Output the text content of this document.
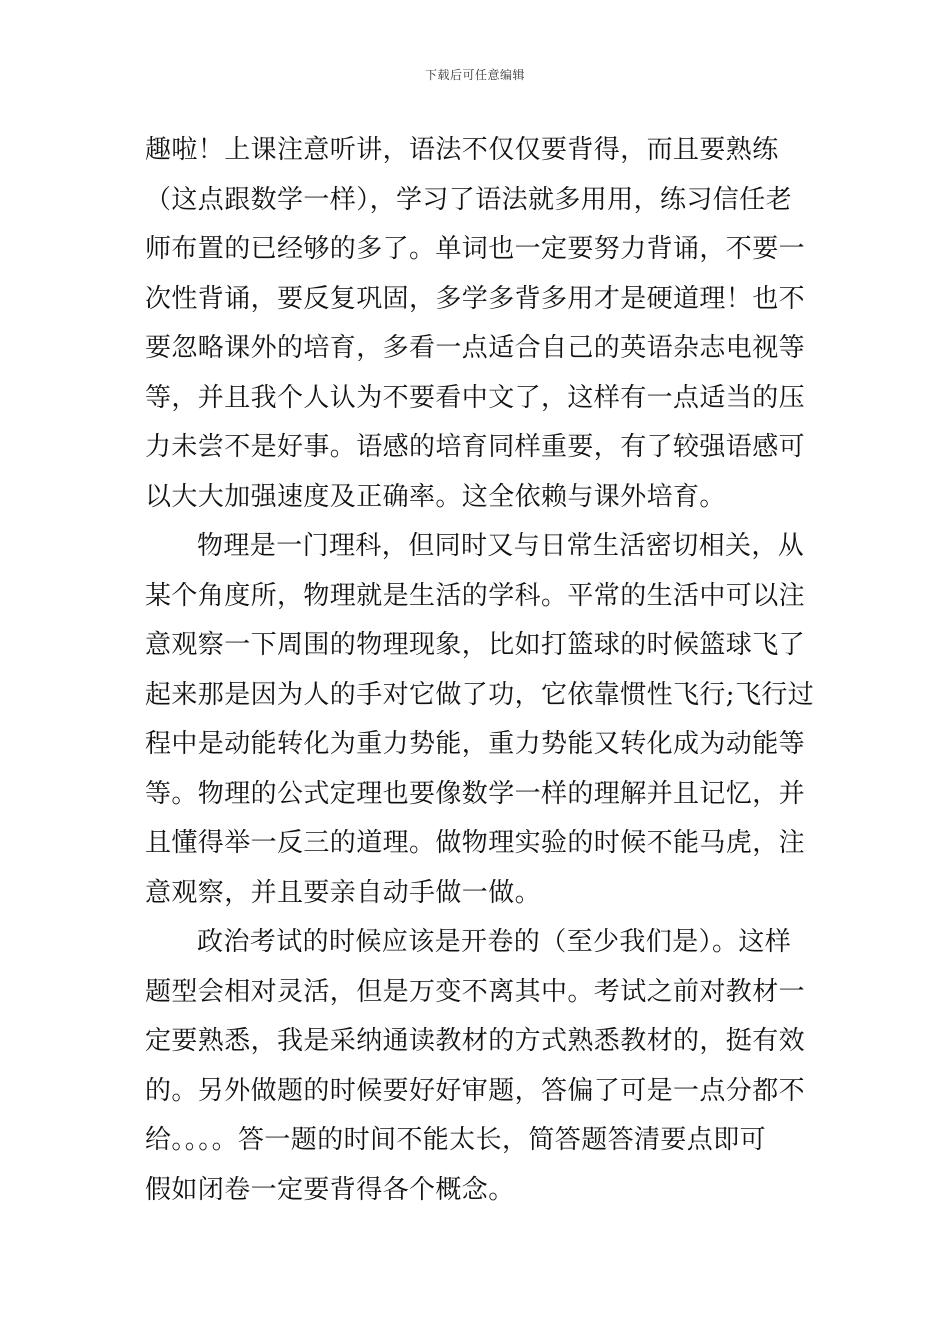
下载后可任意编辑
趣啦！上课注意听讲，语法不仅仅要背得，而且要熟练
（这点跟数学一样），学习了语法就多用用，练习信任老
师布置的已经够的多了。单词也一定要努力背诵，不要一
次性背诵，要反复巩固，多学多背多用才是硬道理！也不
要忽略课外的培育，多看一点适合自己的英语杂志电视等
等，并且我个人认为不要看中文了，这样有一点适当的压
力未尝不是好事。语感的培育同样重要，有了较强语感可
以大大加强速度及正确率。这全依赖与课外培育。
物理是一门理科，但同时又与日常生活密切相关，从
某个角度所，物理就是生活的学科。平常的生活中可以注
意观察一下周围的物理现象，比如打篮球的时候篮球飞了
起来那是因为人的手对它做了功，它依靠惯性飞行;飞行过
程中是动能转化为重力势能，重力势能又转化成为动能等
等。物理的公式定理也要像数学一样的理解并且记忆，并
且懂得举一反三的道理。做物理实验的时候不能马虎，注
意观察，并且要亲自动手做一做。
政治考试的时候应该是开卷的（至少我们是）。这样
题型会相对灵活，但是万变不离其中。考试之前对教材一
定要熟悉，我是采纳通读教材的方式熟悉教材的，挺有效
的。另外做题的时候要好好审题，答偏了可是一点分都不
给。。。。答一题的时间不能太长，简答题答清要点即可
假如闭卷一定要背得各个概念。
